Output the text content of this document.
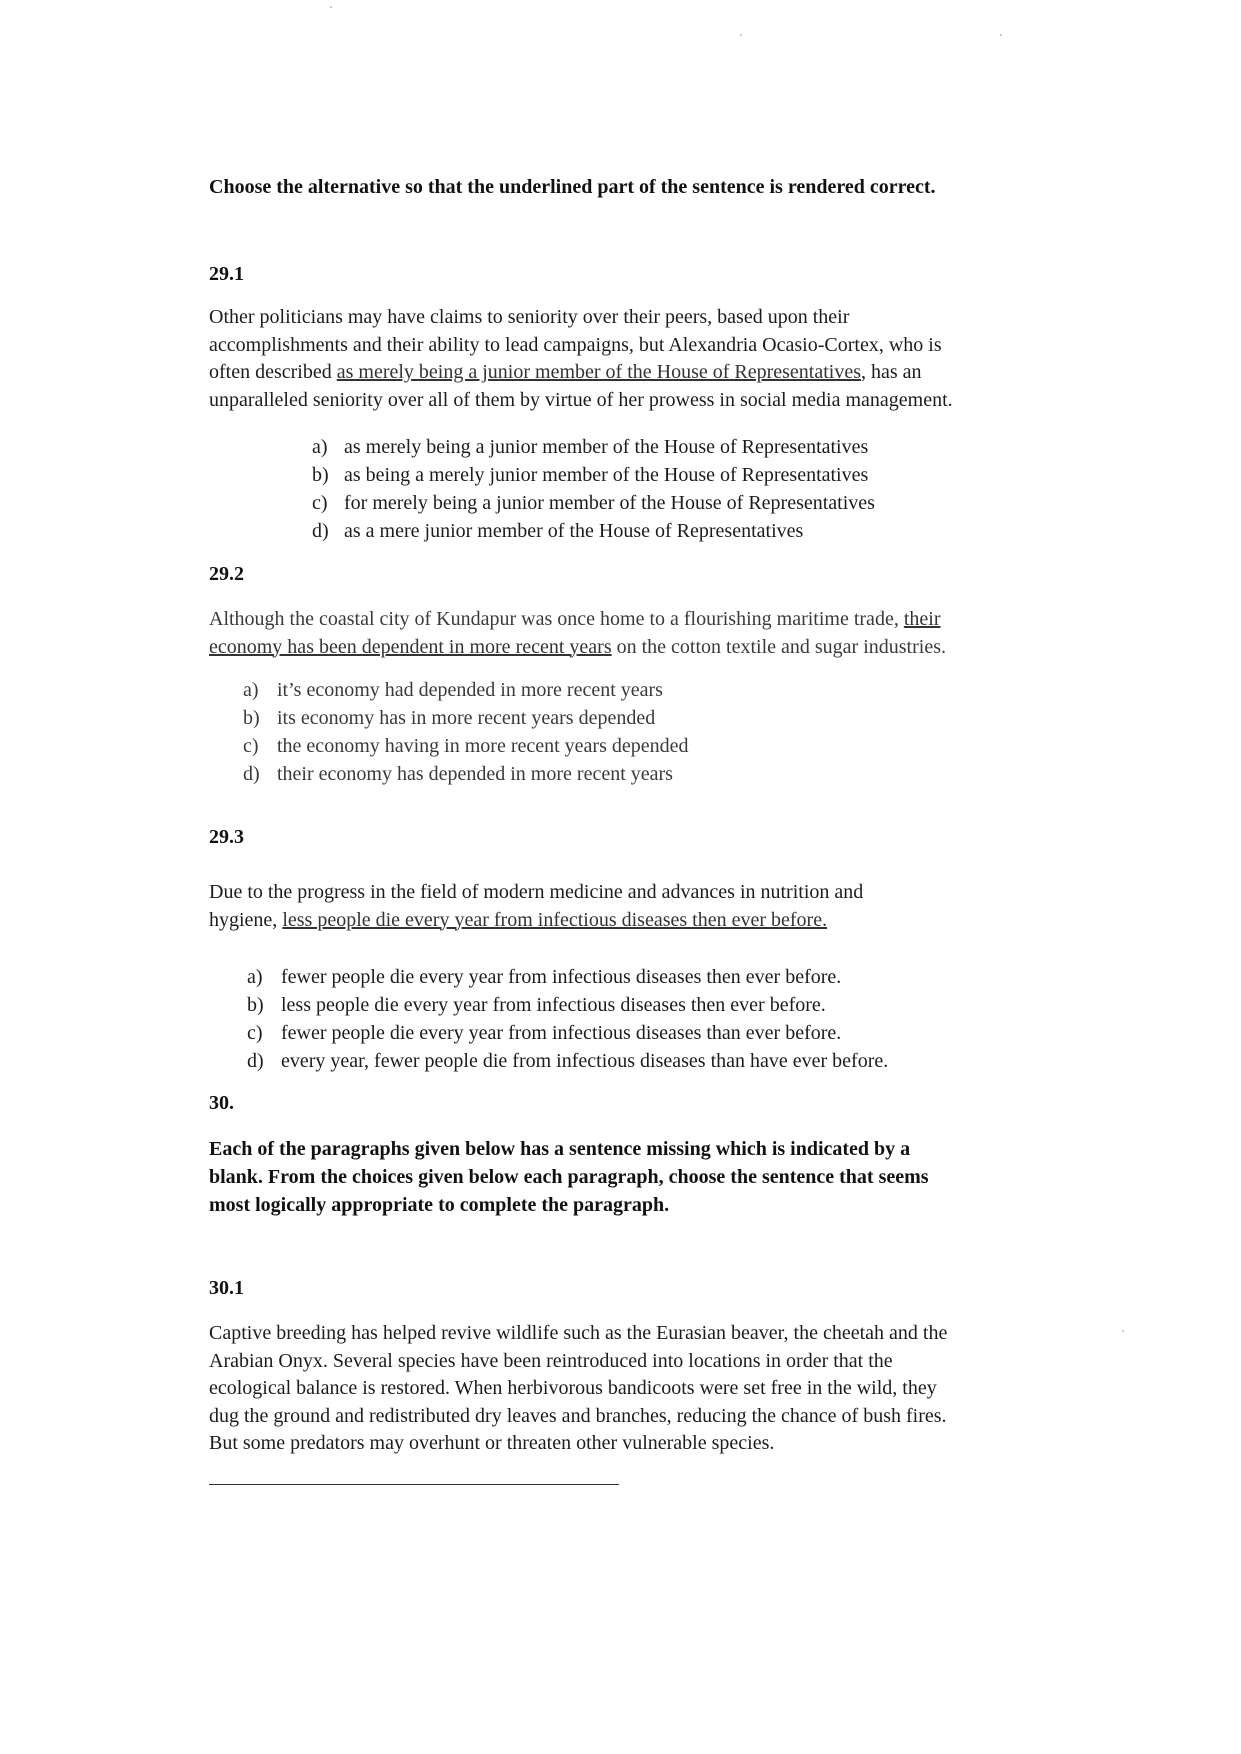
Choose the alternative so that the underlined part of the sentence is rendered correct.
29.1
Other politicians may have claims to seniority over their peers, based upon their
accomplishments and their ability to lead campaigns, but Alexandria Ocasio-Cortex, who is
often described as merely being a junior member of the House of Representatives, has an
unparalleled seniority over all of them by virtue of her prowess in social media management.
a) as merely being a junior member of the House of Representatives
b) as being a merely junior member of the House of Representatives
c) for merely being a junior member of the House of Representatives
d) as a mere junior member of the House of Representatives
29.2
Although the coastal city of Kundapur was once home to a flourishing maritime trade, their
economy has been dependent in more recent years on the cotton textile and sugar industries.
a) it’s economy had depended in more recent years
b) its economy has in more recent years depended
c) the economy having in more recent years depended
d) their economy has depended in more recent years
29.3
Due to the progress in the field of modern medicine and advances in nutrition and
hygiene, less people die every year from infectious diseases then ever before.
a) fewer people die every year from infectious diseases then ever before.
b) less people die every year from infectious diseases then ever before.
c) fewer people die every year from infectious diseases than ever before.
d) every year, fewer people die from infectious diseases than have ever before.
30.
Each of the paragraphs given below has a sentence missing which is indicated by a
blank. From the choices given below each paragraph, choose the sentence that seems
most logically appropriate to complete the paragraph.
30.1
Captive breeding has helped revive wildlife such as the Eurasian beaver, the cheetah and the
Arabian Onyx. Several species have been reintroduced into locations in order that the
ecological balance is restored. When herbivorous bandicoots were set free in the wild, they
dug the ground and redistributed dry leaves and branches, reducing the chance of bush fires.
But some predators may overhunt or threaten other vulnerable species.
